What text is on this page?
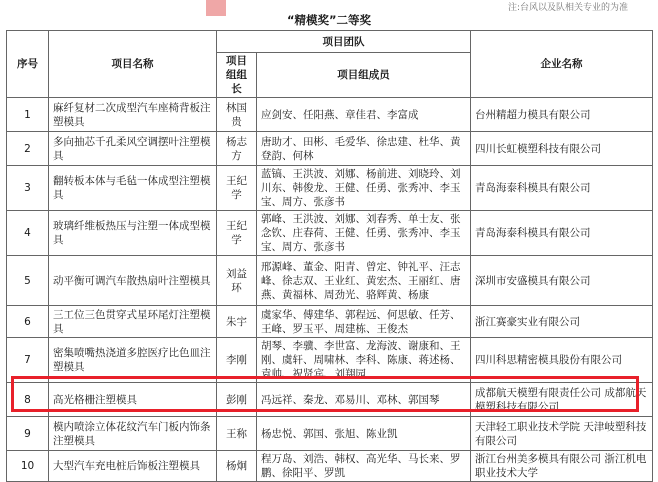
注:台风以及队相关专业的为准
“精模奖”二等奖
序号	项目名称	项目团队		企业名称
		项目组组长	项目组成员	
1	麻纤复材二次成型汽车座椅背板注塑模具	林国贵	应剑安、任阳燕、章佳君、李富成	台州精超力模具有限公司
2	多向抽芯千孔柔风空调摆叶注塑模具	杨志方	唐助才、田彬、毛爱华、徐忠建、杜华、黄登韵、何林	四川长虹模塑科技有限公司
3	翻转板本体与毛毡一体成型注塑模具	王纪学	蓝镐、王洪波、刘娜、杨前进、刘晓玲、刘川东、韩俊龙、王健、任勇、张秀冲、李玉宝、周方、张彦书	青岛海泰科模具有限公司
4	玻璃纤维板热压与注塑一体成型模具	王纪学	郭峰、王洪波、刘娜、刘春秀、单士友、张念钦、庄春荷、王健、任勇、张秀冲、李玉宝、周方、张彦书	青岛海泰科模具有限公司
5	动平衡可调汽车散热扇叶注塑模具	刘益环	邢源峰、董金、阳青、曾定、钟礼平、汪志峰、徐志双、王业红、黄宏杰、王丽红、唐燕、黄福林、周劲光、骆辉黄、杨康	深圳市安盛模具有限公司
6	三工位三色贯穿式星环尾灯注塑模具	朱宇	虞家华、傅建华、郭程远、何思敏、任芳、王峰、罗玉平、周建栋、王俊杰	浙江赛豪实业有限公司
7	密集喷嘴热浇道多腔医疗比色皿注塑模具	李刚	胡琴、李骥、李世富、龙海波、谢康和、王刚、虞轩、周啸林、李科、陈康、蒋述杨、袁帅、祝贤宾、刘翔园	四川科思精密模具股份有限公司
8	高光格栅注塑模具	彭刚	冯远祥、秦龙、邓易川、邓林、郭国琴	成都航天模塑有限责任公司 成都航天模塑科技有限公司
9	模内喷涂立体花纹汽车门板内饰条注塑模具	王称	杨忠悦、郭国、张旭、陈业凯	天津轻工职业技术学院 天津岐塑科技有限公司
10	大型汽车充电桩后饰板注塑模具	杨炯	程万岛、刘浩、韩权、高光华、马长来、罗鹏、徐阳平、罗凯	浙江台州美多模具有限公司 浙江机电职业技术大学
